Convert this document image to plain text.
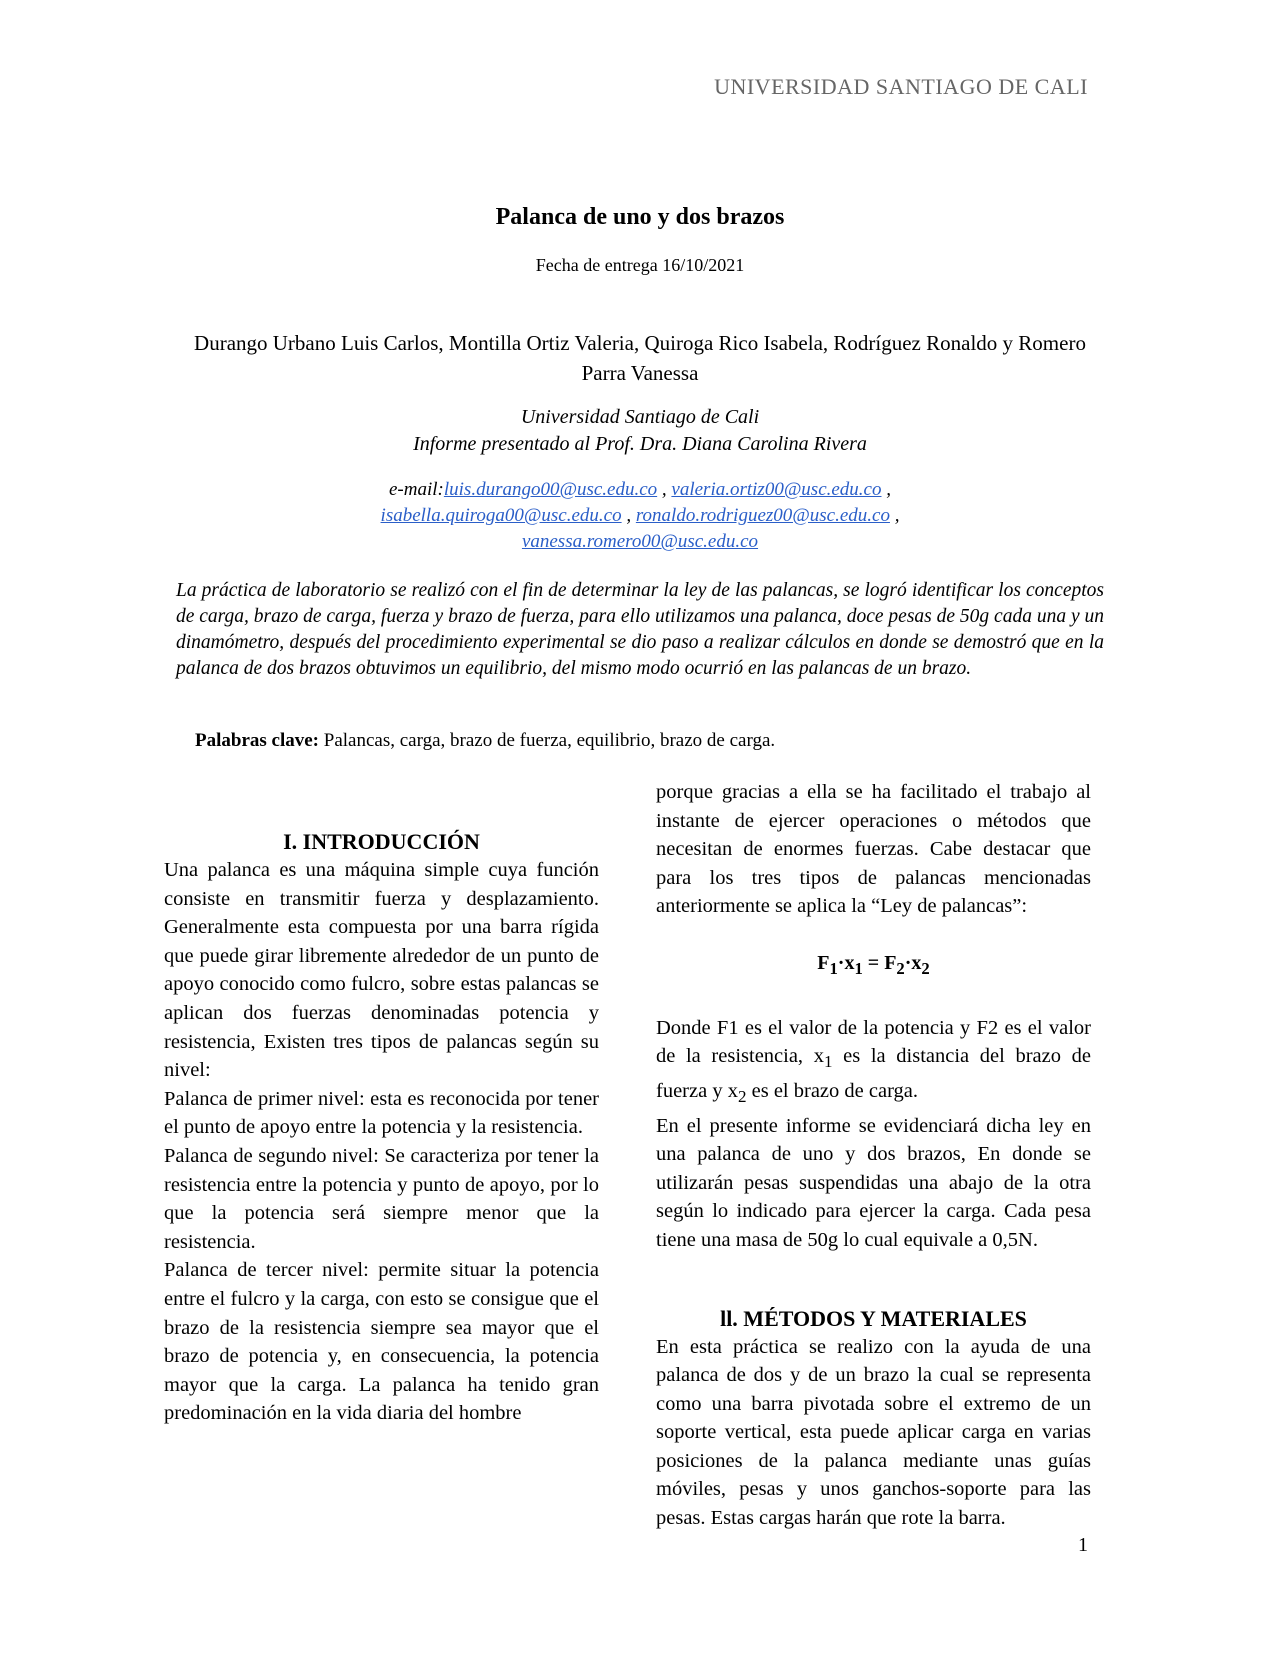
UNIVERSIDAD SANTIAGO DE CALI
Palanca de uno y dos brazos
Fecha de entrega 16/10/2021
Durango Urbano Luis Carlos, Montilla Ortiz Valeria, Quiroga Rico Isabela, Rodríguez Ronaldo y Romero Parra Vanessa
Universidad Santiago de Cali
Informe presentado al Prof. Dra. Diana Carolina Rivera
e-mail:luis.durango00@usc.edu.co , valeria.ortiz00@usc.edu.co ,
isabella.quiroga00@usc.edu.co , ronaldo.rodriguez00@usc.edu.co ,
vanessa.romero00@usc.edu.co
La práctica de laboratorio se realizó con el fin de determinar la ley de las palancas, se logró identificar los conceptos de carga, brazo de carga, fuerza y brazo de fuerza, para ello utilizamos una palanca, doce pesas de 50g cada una y un dinamómetro, después del procedimiento experimental se dio paso a realizar cálculos en donde se demostró que en la palanca de dos brazos obtuvimos un equilibrio, del mismo modo ocurrió en las palancas de un brazo.
Palabras clave: Palancas, carga, brazo de fuerza, equilibrio, brazo de carga.
I. INTRODUCCIÓN

Una palanca es una máquina simple cuya función consiste en transmitir fuerza y desplazamiento. Generalmente esta compuesta por una barra rígida que puede girar libremente alrededor de un punto de apoyo conocido como fulcro, sobre estas palancas se aplican dos fuerzas denominadas potencia y resistencia, Existen tres tipos de palancas según su nivel:

Palanca de primer nivel: esta es reconocida por tener el punto de apoyo entre la potencia y la resistencia.

Palanca de segundo nivel: Se caracteriza por tener la resistencia entre la potencia y punto de apoyo, por lo que la potencia será siempre menor que la resistencia.

Palanca de tercer nivel: permite situar la potencia entre el fulcro y la carga, con esto se consigue que el brazo de la resistencia siempre sea mayor que el brazo de potencia y, en consecuencia, la potencia mayor que la carga. La palanca ha tenido gran predominación en la vida diaria del hombre

porque gracias a ella se ha facilitado el trabajo al instante de ejercer operaciones o métodos que necesitan de enormes fuerzas. Cabe destacar que para los tres tipos de palancas mencionadas anteriormente se aplica la “Ley de palancas”:

$F_1\cdot x_1 = F_2\cdot x_2$

Donde F1 es el valor de la potencia y F2 es el valor de la resistencia, $x_1$ es la distancia del brazo de fuerza y $x_2$ es el brazo de carga.

En el presente informe se evidenciará dicha ley en una palanca de uno y dos brazos, En donde se utilizarán pesas suspendidas una abajo de la otra según lo indicado para ejercer la carga. Cada pesa tiene una masa de 50g lo cual equivale a 0,5N.

ll. MÉTODOS Y MATERIALES

En esta práctica se realizo con la ayuda de una palanca de dos y de un brazo la cual se representa como una barra pivotada sobre el extremo de un soporte vertical, esta puede aplicar carga en varias posiciones de la palanca mediante unas guías móviles, pesas y unos ganchos-soporte para las pesas. Estas cargas harán que rote la barra.

1
